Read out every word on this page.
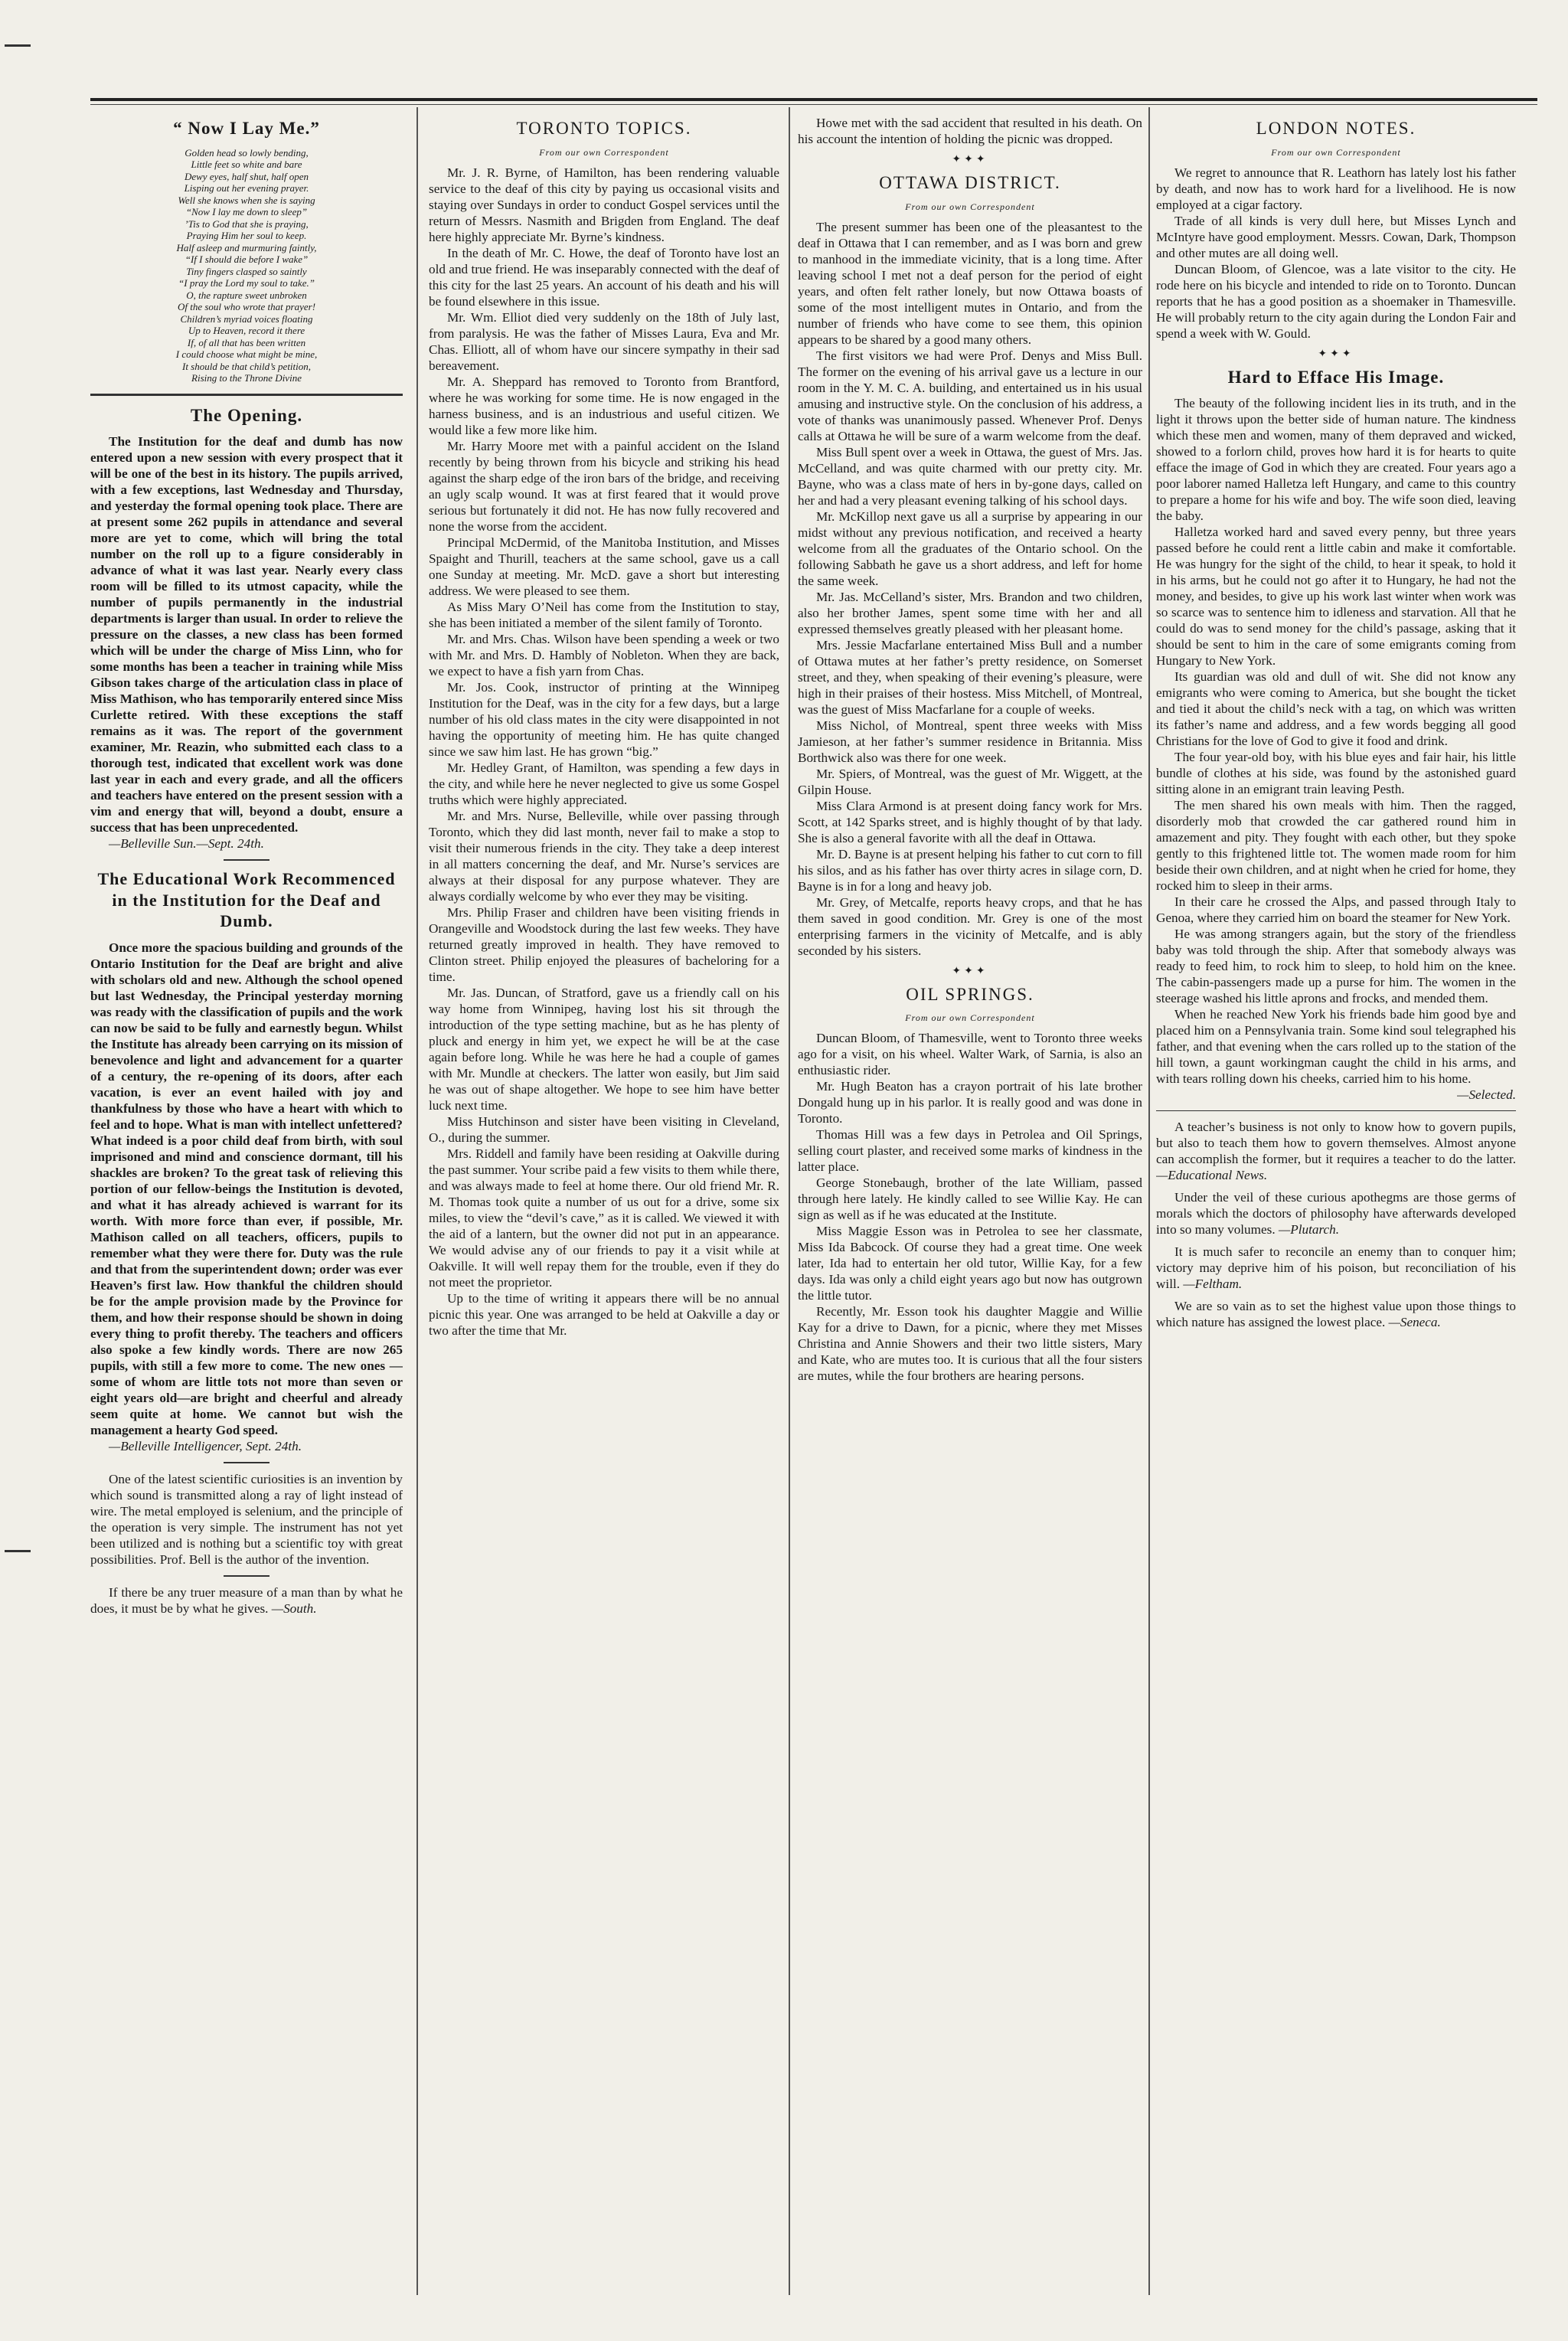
“ Now I Lay Me.”
Golden head so lowly bending,
Little feet so white and bare
Dewy eyes, half shut, half open
Lisping out her evening prayer.
Well she knows when she is saying
“Now I lay me down to sleep”
’Tis to God that she is praying,
Praying Him her soul to keep.
Half asleep and murmuring faintly,
“If I should die before I wake”
Tiny fingers clasped so saintly
“I pray the Lord my soul to take.”
O, the rapture sweet unbroken
Of the soul who wrote that prayer!
Children’s myriad voices floating
Up to Heaven, record it there
If, of all that has been written
I could choose what might be mine,
It should be that child’s petition,
Rising to the Throne Divine
The Opening.

The Institution for the deaf and dumb has now entered upon a new session with every prospect that it will be one of the best in its history. The pupils arrived, with a few exceptions, last Wednesday and Thursday, and yesterday the formal opening took place. There are at present some 262 pupils in attendance and several more are yet to come, which will bring the total number on the roll up to a figure considerably in advance of what it was last year. Nearly every class room will be filled to its utmost capacity, while the number of pupils permanently in the industrial departments is larger than usual. In order to relieve the pressure on the classes, a new class has been formed which will be under the charge of Miss Linn, who for some months has been a teacher in training while Miss Gibson takes charge of the articulation class in place of Miss Mathison, who has temporarily entered since Miss Curlette retired. With these exceptions the staff remains as it was. The report of the government examiner, Mr. Reazin, who submitted each class to a thorough test, indicated that excellent work was done last year in each and every grade, and all the officers and teachers have entered on the present session with a vim and energy that will, beyond a doubt, ensure a success that has been unprecedented.

—Belleville Sun.—Sept. 24th.

The Educational Work Recommenced in the Institution for the Deaf and Dumb.

Once more the spacious building and grounds of the Ontario Institution for the Deaf are bright and alive with scholars old and new. Although the school opened but last Wednesday, the Principal yesterday morning was ready with the classification of pupils and the work can now be said to be fully and earnestly begun. Whilst the Institute has already been carrying on its mission of benevolence and light and advancement for a quarter of a century, the re-opening of its doors, after each vacation, is ever an event hailed with joy and thankfulness by those who have a heart with which to feel and to hope. What is man with intellect unfettered? What indeed is a poor child deaf from birth, with soul imprisoned and mind and conscience dormant, till his shackles are broken? To the great task of relieving this portion of our fellow-beings the Institution is devoted, and what it has already achieved is warrant for its worth. With more force than ever, if possible, Mr. Mathison called on all teachers, officers, pupils to remember what they were there for. Duty was the rule and that from the superintendent down; order was ever Heaven’s first law. How thankful the children should be for the ample provision made by the Province for them, and how their response should be shown in doing every thing to profit thereby. The teachers and officers also spoke a few kindly words. There are now 265 pupils, with still a few more to come. The new ones —some of whom are little tots not more than seven or eight years old—are bright and cheerful and already seem quite at home. We cannot but wish the management a hearty God speed.

—Belleville Intelligencer, Sept. 24th.

One of the latest scientific curiosities is an invention by which sound is transmitted along a ray of light instead of wire. The metal employed is selenium, and the principle of the operation is very simple. The instrument has not yet been utilized and is nothing but a scientific toy with great possibilities. Prof. Bell is the author of the invention.

If there be any truer measure of a man than by what he does, it must be by what he gives. —South.

TORONTO TOPICS.
From our own Correspondent

Mr. J. R. Byrne, of Hamilton, has been rendering valuable service to the deaf of this city by paying us occasional visits and staying over Sundays in order to conduct Gospel services until the return of Messrs. Nasmith and Brigden from England. The deaf here highly appreciate Mr. Byrne’s kindness.

In the death of Mr. C. Howe, the deaf of Toronto have lost an old and true friend. He was inseparably connected with the deaf of this city for the last 25 years. An account of his death and his will be found elsewhere in this issue.

Mr. Wm. Elliot died very suddenly on the 18th of July last, from paralysis. He was the father of Misses Laura, Eva and Mr. Chas. Elliott, all of whom have our sincere sympathy in their sad bereavement.

Mr. A. Sheppard has removed to Toronto from Brantford, where he was working for some time. He is now engaged in the harness business, and is an industrious and useful citizen. We would like a few more like him.

Mr. Harry Moore met with a painful accident on the Island recently by being thrown from his bicycle and striking his head against the sharp edge of the iron bars of the bridge, and receiving an ugly scalp wound. It was at first feared that it would prove serious but fortunately it did not. He has now fully recovered and none the worse from the accident.

Principal McDermid, of the Manitoba Institution, and Misses Spaight and Thurill, teachers at the same school, gave us a call one Sunday at meeting. Mr. McD. gave a short but interesting address. We were pleased to see them.

As Miss Mary O’Neil has come from the Institution to stay, she has been initiated a member of the silent family of Toronto.

Mr. and Mrs. Chas. Wilson have been spending a week or two with Mr. and Mrs. D. Hambly of Nobleton. When they are back, we expect to have a fish yarn from Chas.

Mr. Jos. Cook, instructor of printing at the Winnipeg Institution for the Deaf, was in the city for a few days, but a large number of his old class mates in the city were disappointed in not having the opportunity of meeting him. He has quite changed since we saw him last. He has grown “big.”

Mr. Hedley Grant, of Hamilton, was spending a few days in the city, and while here he never neglected to give us some Gospel truths which were highly appreciated.

Mr. and Mrs. Nurse, Belleville, while over passing through Toronto, which they did last month, never fail to make a stop to visit their numerous friends in the city. They take a deep interest in all matters concerning the deaf, and Mr. Nurse’s services are always at their disposal for any purpose whatever. They are always cordially welcome by who ever they may be visiting.

Mrs. Philip Fraser and children have been visiting friends in Orangeville and Woodstock during the last few weeks. They have returned greatly improved in health. They have removed to Clinton street. Philip enjoyed the pleasures of bacheloring for a time.

Mr. Jas. Duncan, of Stratford, gave us a friendly call on his way home from Winnipeg, having lost his sit through the introduction of the type setting machine, but as he has plenty of pluck and energy in him yet, we expect he will be at the case again before long. While he was here he had a couple of games with Mr. Mundle at checkers. The latter won easily, but Jim said he was out of shape altogether. We hope to see him have better luck next time.

Miss Hutchinson and sister have been visiting in Cleveland, O., during the summer.

Mrs. Riddell and family have been residing at Oakville during the past summer. Your scribe paid a few visits to them while there, and was always made to feel at home there. Our old friend Mr. R. M. Thomas took quite a number of us out for a drive, some six miles, to view the “devil’s cave,” as it is called. We viewed it with the aid of a lantern, but the owner did not put in an appearance. We would advise any of our friends to pay it a visit while at Oakville. It will well repay them for the trouble, even if they do not meet the proprietor.

Up to the time of writing it appears there will be no annual picnic this year. One was arranged to be held at Oakville a day or two after the time that Mr.

Howe met with the sad accident that resulted in his death. On his account the intention of holding the picnic was dropped.

✦✦✦
OTTAWA DISTRICT.
From our own Correspondent

The present summer has been one of the pleasantest to the deaf in Ottawa that I can remember, and as I was born and grew to manhood in the immediate vicinity, that is a long time. After leaving school I met not a deaf person for the period of eight years, and often felt rather lonely, but now Ottawa boasts of some of the most intelligent mutes in Ontario, and from the number of friends who have come to see them, this opinion appears to be shared by a good many others.

The first visitors we had were Prof. Denys and Miss Bull. The former on the evening of his arrival gave us a lecture in our room in the Y. M. C. A. building, and entertained us in his usual amusing and instructive style. On the conclusion of his address, a vote of thanks was unanimously passed. Whenever Prof. Denys calls at Ottawa he will be sure of a warm welcome from the deaf.

Miss Bull spent over a week in Ottawa, the guest of Mrs. Jas. McCelland, and was quite charmed with our pretty city. Mr. Bayne, who was a class mate of hers in by-gone days, called on her and had a very pleasant evening talking of his school days.

Mr. McKillop next gave us all a surprise by appearing in our midst without any previous notification, and received a hearty welcome from all the graduates of the Ontario school. On the following Sabbath he gave us a short address, and left for home the same week.

Mr. Jas. McCelland’s sister, Mrs. Brandon and two children, also her brother James, spent some time with her and all expressed themselves greatly pleased with her pleasant home.

Mrs. Jessie Macfarlane entertained Miss Bull and a number of Ottawa mutes at her father’s pretty residence, on Somerset street, and they, when speaking of their evening’s pleasure, were high in their praises of their hostess. Miss Mitchell, of Montreal, was the guest of Miss Macfarlane for a couple of weeks.

Miss Nichol, of Montreal, spent three weeks with Miss Jamieson, at her father’s summer residence in Britannia. Miss Borthwick also was there for one week.

Mr. Spiers, of Montreal, was the guest of Mr. Wiggett, at the Gilpin House.

Miss Clara Armond is at present doing fancy work for Mrs. Scott, at 142 Sparks street, and is highly thought of by that lady. She is also a general favorite with all the deaf in Ottawa.

Mr. D. Bayne is at present helping his father to cut corn to fill his silos, and as his father has over thirty acres in silage corn, D. Bayne is in for a long and heavy job.

Mr. Grey, of Metcalfe, reports heavy crops, and that he has them saved in good condition. Mr. Grey is one of the most enterprising farmers in the vicinity of Metcalfe, and is ably seconded by his sisters.

✦✦✦
OIL SPRINGS.
From our own Correspondent

Duncan Bloom, of Thamesville, went to Toronto three weeks ago for a visit, on his wheel. Walter Wark, of Sarnia, is also an enthusiastic rider.

Mr. Hugh Beaton has a crayon portrait of his late brother Dongald hung up in his parlor. It is really good and was done in Toronto.

Thomas Hill was a few days in Petrolea and Oil Springs, selling court plaster, and received some marks of kindness in the latter place.

George Stonebaugh, brother of the late William, passed through here lately. He kindly called to see Willie Kay. He can sign as well as if he was educated at the Institute.

Miss Maggie Esson was in Petrolea to see her classmate, Miss Ida Babcock. Of course they had a great time. One week later, Ida had to entertain her old tutor, Willie Kay, for a few days. Ida was only a child eight years ago but now has outgrown the little tutor.

Recently, Mr. Esson took his daughter Maggie and Willie Kay for a drive to Dawn, for a picnic, where they met Misses Christina and Annie Showers and their two little sisters, Mary and Kate, who are mutes too. It is curious that all the four sisters are mutes, while the four brothers are hearing persons.

LONDON NOTES.
From our own Correspondent

We regret to announce that R. Leathorn has lately lost his father by death, and now has to work hard for a livelihood. He is now employed at a cigar factory.

Trade of all kinds is very dull here, but Misses Lynch and McIntyre have good employment. Messrs. Cowan, Dark, Thompson and other mutes are all doing well.

Duncan Bloom, of Glencoe, was a late visitor to the city. He rode here on his bicycle and intended to ride on to Toronto. Duncan reports that he has a good position as a shoemaker in Thamesville. He will probably return to the city again during the London Fair and spend a week with W. Gould.

✦✦✦
Hard to Efface His Image.

The beauty of the following incident lies in its truth, and in the light it throws upon the better side of human nature. The kindness which these men and women, many of them depraved and wicked, showed to a forlorn child, proves how hard it is for hearts to quite efface the image of God in which they are created. Four years ago a poor laborer named Halletza left Hungary, and came to this country to prepare a home for his wife and boy. The wife soon died, leaving the baby.

Halletza worked hard and saved every penny, but three years passed before he could rent a little cabin and make it comfortable. He was hungry for the sight of the child, to hear it speak, to hold it in his arms, but he could not go after it to Hungary, he had not the money, and besides, to give up his work last winter when work was so scarce was to sentence him to idleness and starvation. All that he could do was to send money for the child’s passage, asking that it should be sent to him in the care of some emigrants coming from Hungary to New York.

Its guardian was old and dull of wit. She did not know any emigrants who were coming to America, but she bought the ticket and tied it about the child’s neck with a tag, on which was written its father’s name and address, and a few words begging all good Christians for the love of God to give it food and drink.

The four year-old boy, with his blue eyes and fair hair, his little bundle of clothes at his side, was found by the astonished guard sitting alone in an emigrant train leaving Pesth.

The men shared his own meals with him. Then the ragged, disorderly mob that crowded the car gathered round him in amazement and pity. They fought with each other, but they spoke gently to this frightened little tot. The women made room for him beside their own children, and at night when he cried for home, they rocked him to sleep in their arms.

In their care he crossed the Alps, and passed through Italy to Genoa, where they carried him on board the steamer for New York.

He was among strangers again, but the story of the friendless baby was told through the ship. After that somebody always was ready to feed him, to rock him to sleep, to hold him on the knee. The cabin-passengers made up a purse for him. The women in the steerage washed his little aprons and frocks, and mended them.

When he reached New York his friends bade him good bye and placed him on a Pennsylvania train. Some kind soul telegraphed his father, and that evening when the cars rolled up to the station of the hill town, a gaunt workingman caught the child in his arms, and with tears rolling down his cheeks, carried him to his home.

—Selected.

A teacher’s business is not only to know how to govern pupils, but also to teach them how to govern themselves. Almost anyone can accomplish the former, but it requires a teacher to do the latter. —Educational News.

Under the veil of these curious apothegms are those germs of morals which the doctors of philosophy have afterwards developed into so many volumes. —Plutarch.

It is much safer to reconcile an enemy than to conquer him; victory may deprive him of his poison, but reconciliation of his will. —Feltham.

We are so vain as to set the highest value upon those things to which nature has assigned the lowest place. —Seneca.
